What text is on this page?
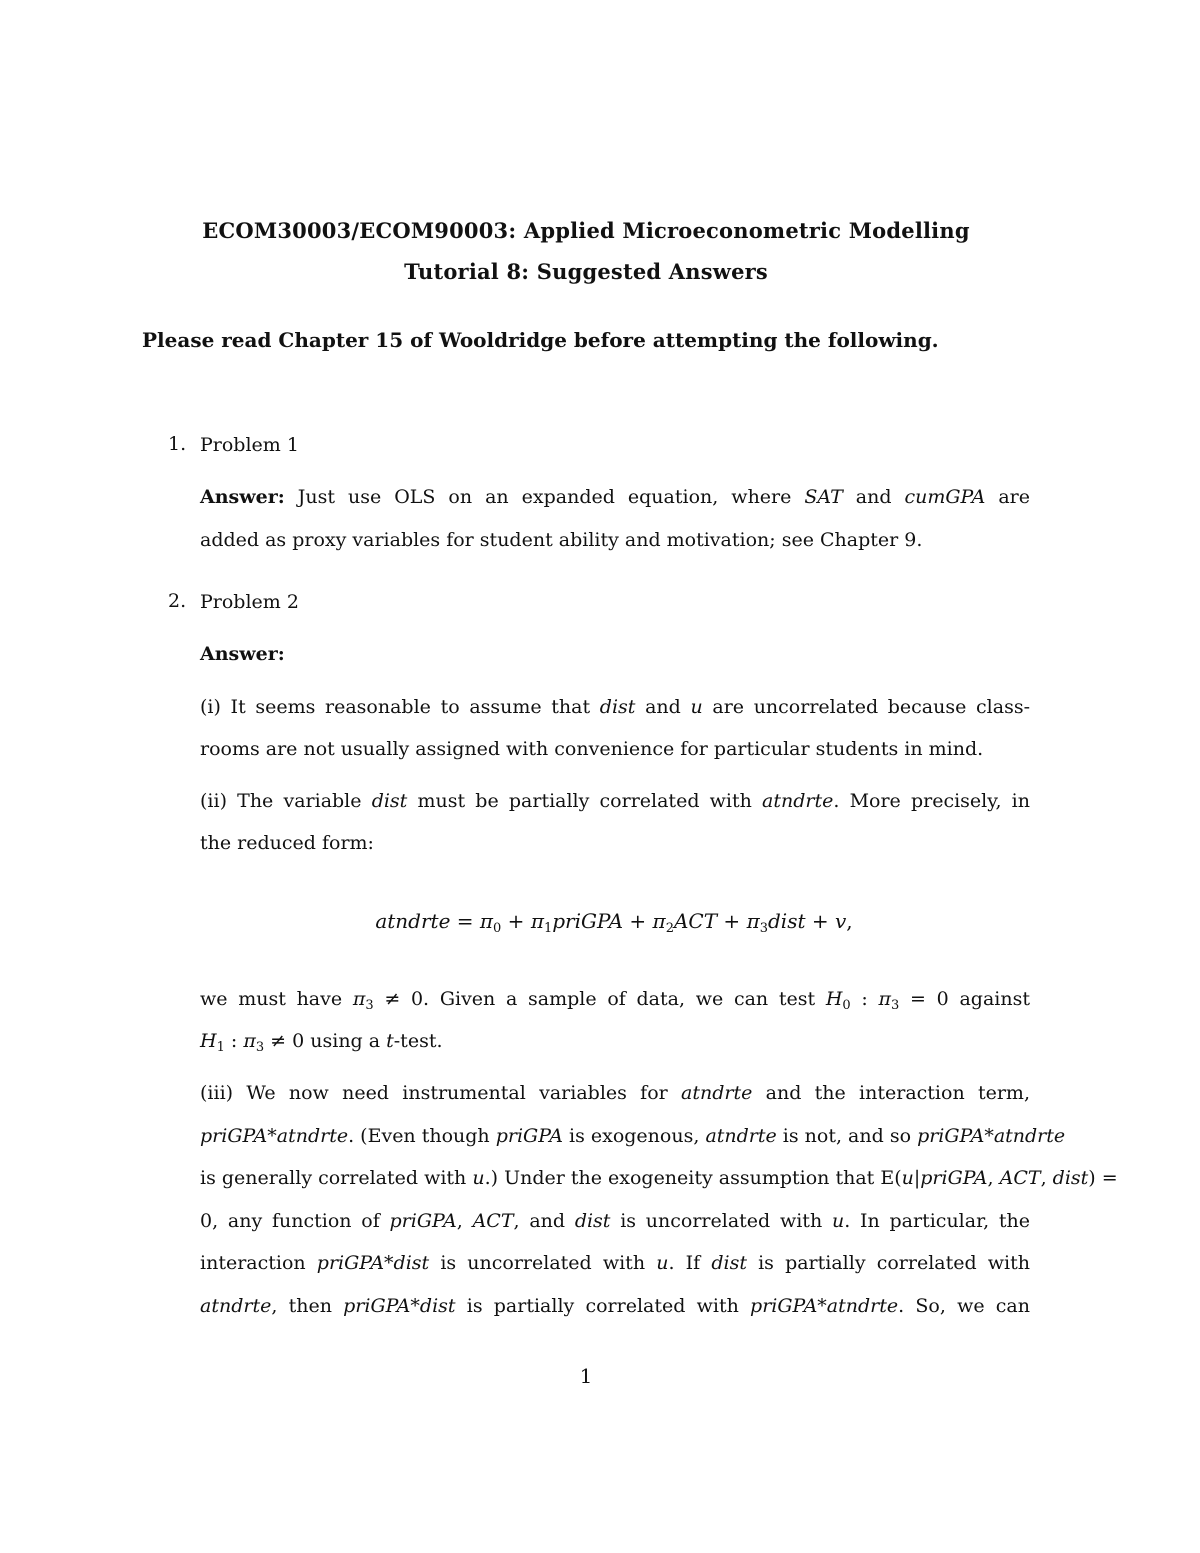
ECOM30003/ECOM90003: Applied Microeconometric Modelling
Tutorial 8: Suggested Answers
Please read Chapter 15 of Wooldridge before attempting the following.
1. Problem 1
Answer: Just use OLS on an expanded equation, where SAT and cumGPA are
added as proxy variables for student ability and motivation; see Chapter 9.
2. Problem 2
Answer:
(i) It seems reasonable to assume that dist and u are uncorrelated because class-
rooms are not usually assigned with convenience for particular students in mind.
(ii) The variable dist must be partially correlated with atndrte. More precisely, in
the reduced form:
atndrte = $\pi_0$ + $\pi_1priGPA + \pi_2ACT$ + $\pi_3dist + v$,
we must have $\pi_3 \ne 0$. Given a sample of data, we can test $H_0$ : $\pi_3 = 0$ against
$H_1$ : $\pi_3 \ne 0$ using a t-test.
(iii) We now need instrumental variables for atndrte and the interaction term,
priGPA*atndrte. (Even though priGPA is exogenous, atndrte is not, and so priGPA*atndrte
is generally correlated with u.) Under the exogeneity assumption that E(u|priGPA, ACT, dist) =
0, any function of priGPA, ACT, and dist is uncorrelated with u. In particular, the
interaction priGPA*dist is uncorrelated with u. If dist is partially correlated with
atndrte, then priGPA*dist is partially correlated with priGPA*atndrte. So, we can
1
